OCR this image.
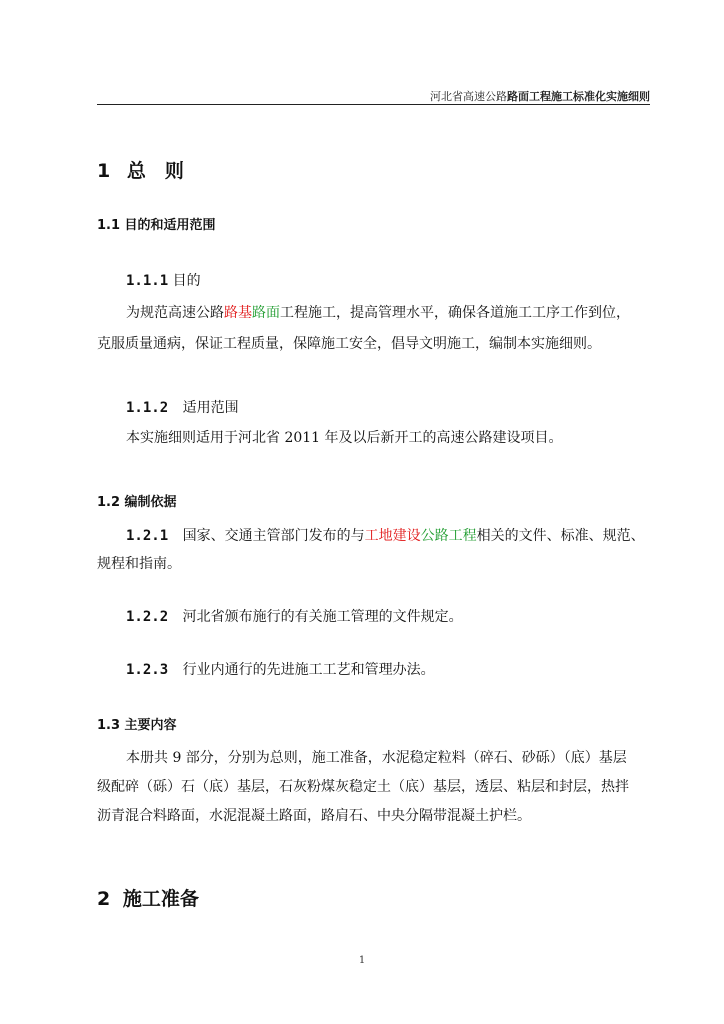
河北省高速公路路面工程施工标准化实施细则
1 总　则
1.1 目的和适用范围
1.1.1 目的
为规范高速公路路基路面工程施工，提高管理水平，确保各道施工工序工作到位，
克服质量通病，保证工程质量，保障施工安全，倡导文明施工，编制本实施细则。
1.1.2 适用范围
本实施细则适用于河北省 2011 年及以后新开工的高速公路建设项目。
1.2 编制依据
1.2.1 国家、交通主管部门发布的与工地建设公路工程相关的文件、标准、规范、
规程和指南。
1.2.2 河北省颁布施行的有关施工管理的文件规定。
1.2.3 行业内通行的先进施工工艺和管理办法。
1.3 主要内容
本册共 9 部分，分别为总则，施工准备，水泥稳定粒料（碎石、砂砾）（底）基层
级配碎（砾）石（底）基层，石灰粉煤灰稳定土（底）基层，透层、粘层和封层，热拌
沥青混合料路面，水泥混凝土路面，路肩石、中央分隔带混凝土护栏。
2 施工准备
1
